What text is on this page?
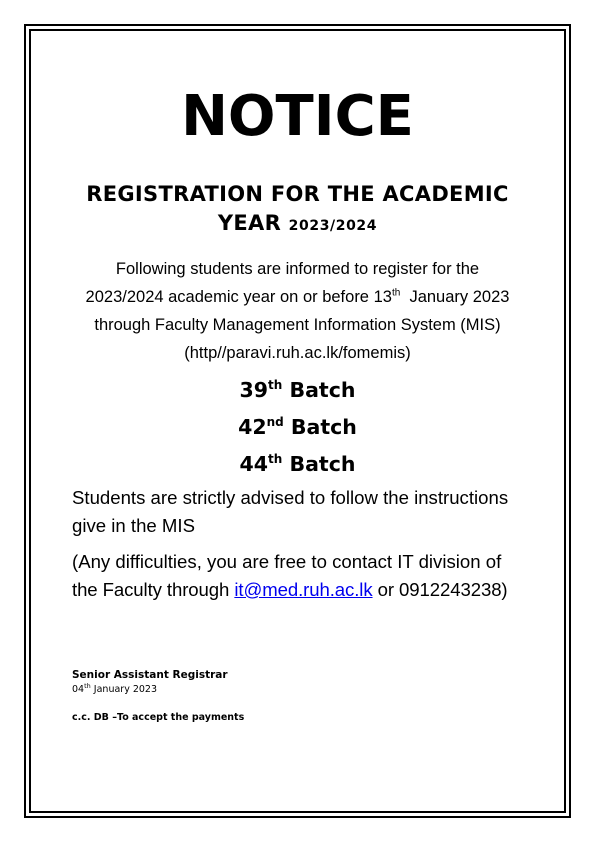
NOTICE
REGISTRATION FOR THE ACADEMIC
YEAR 2023/2024
Following students are informed to register for the
2023/2024 academic year on or before 13th January 2023
through Faculty Management Information System (MIS)
(http//paravi.ruh.ac.lk/fomemis)
39th Batch
42nd Batch
44th Batch
Students are strictly advised to follow the instructions
give in the MIS
(Any difficulties, you are free to contact IT division of
the Faculty through it@med.ruh.ac.lk or 0912243238)
Senior Assistant Registrar
04th January 2023
c.c. DB –To accept the payments
